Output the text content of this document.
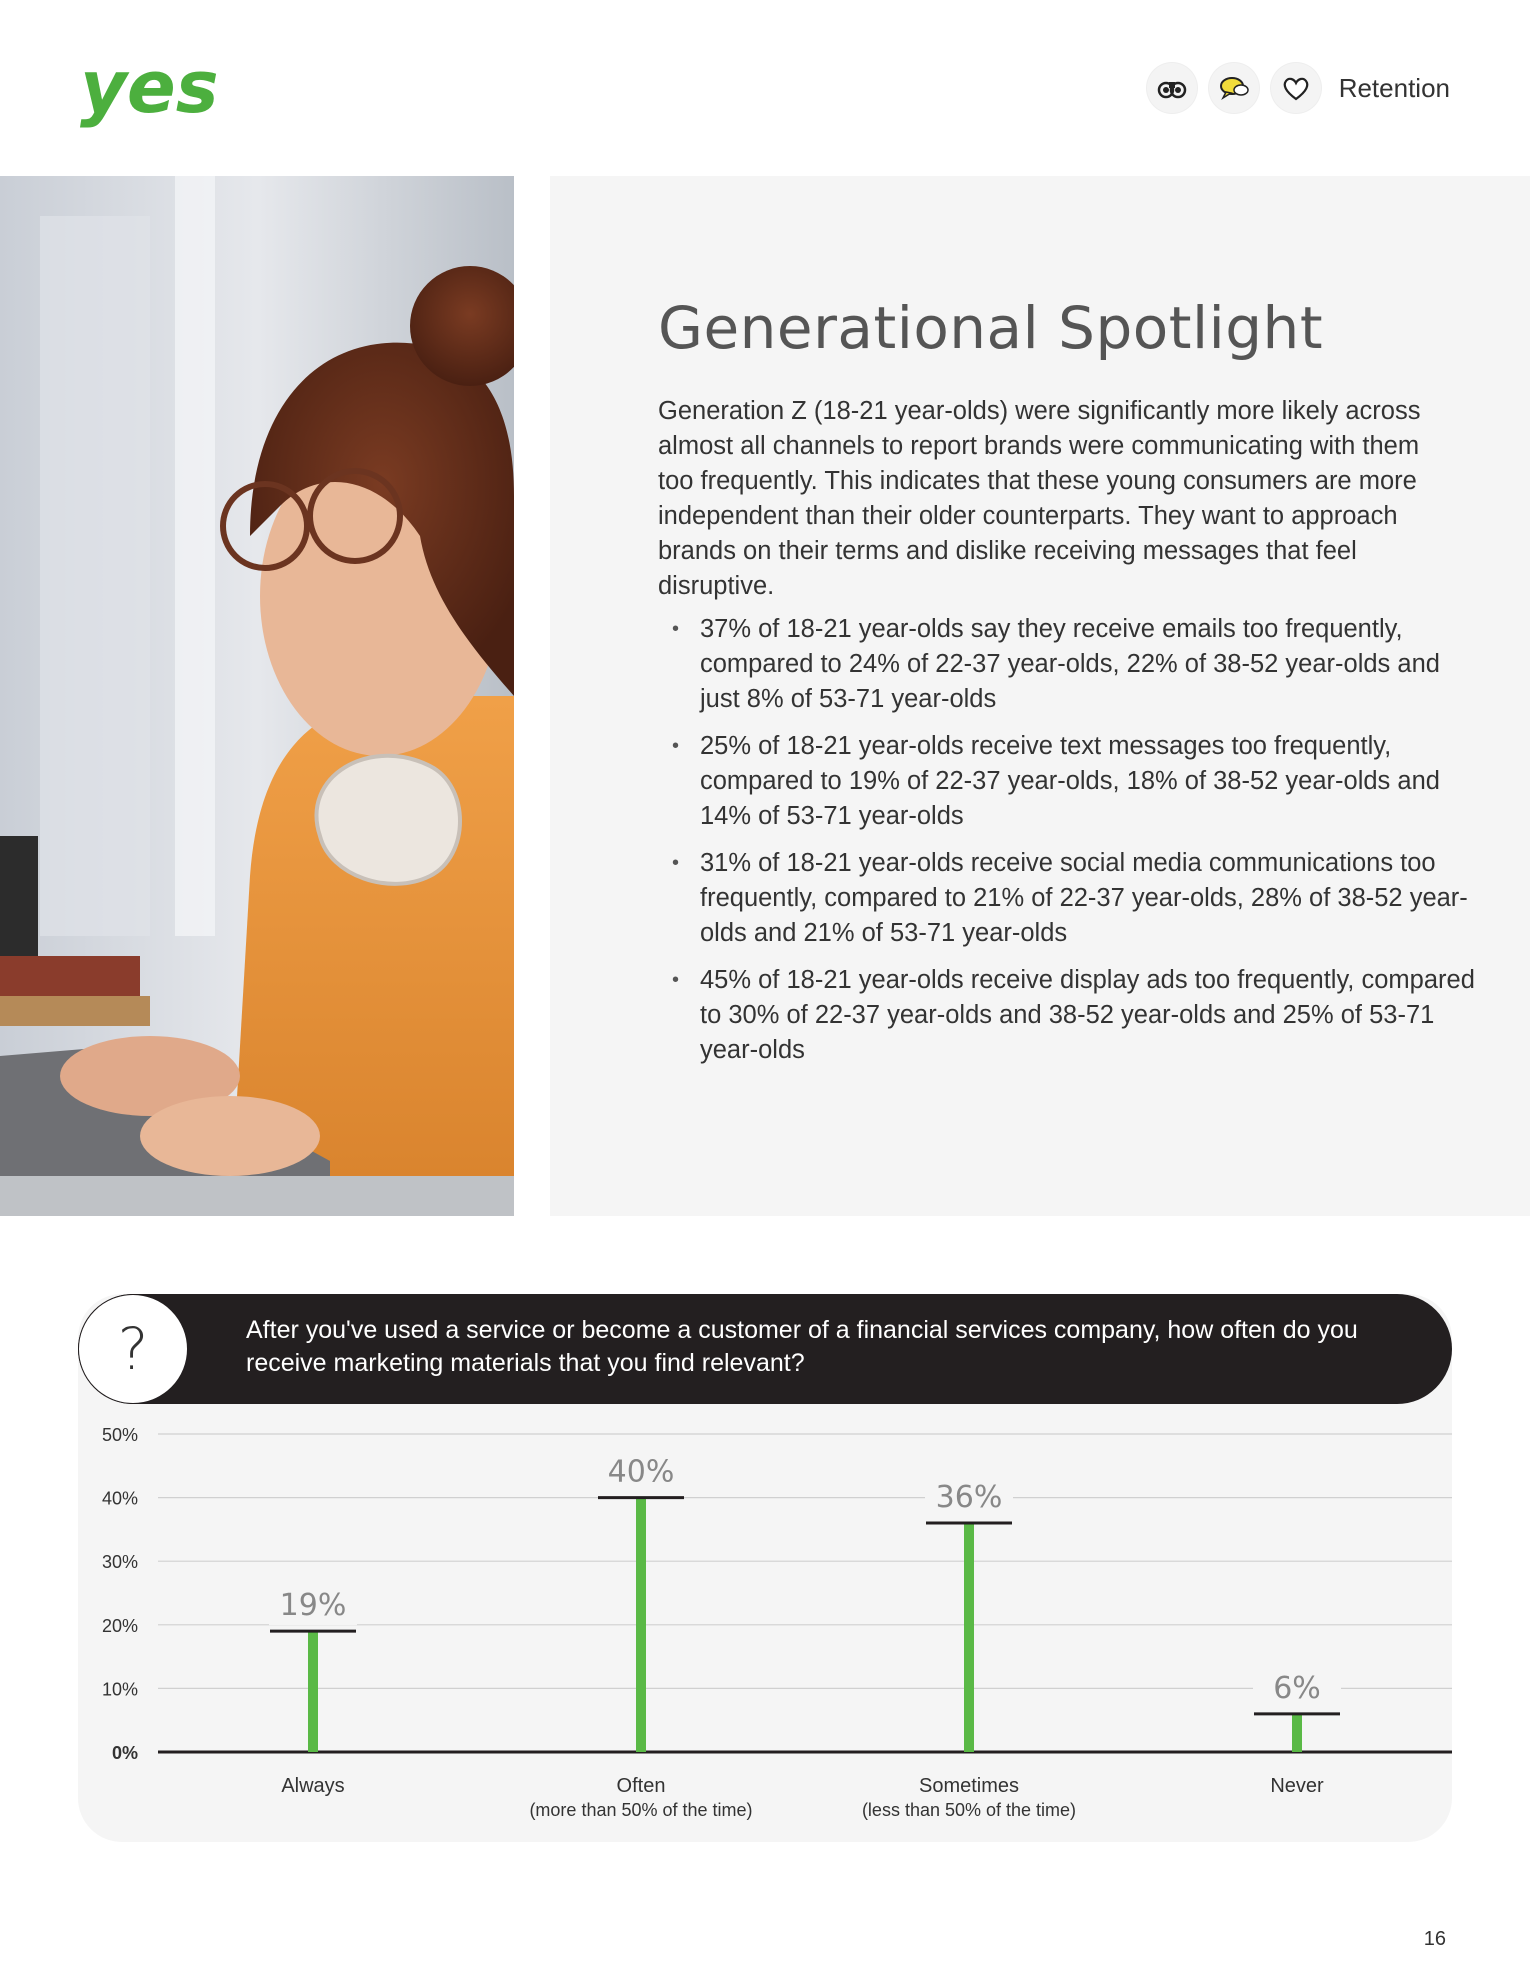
yes	Retention
Generational Spotlight
Generation Z (18-21 year-olds) were significantly more likely across almost all channels to report brands were communicating with them too frequently. This indicates that these young consumers are more independent than their older counterparts. They want to approach brands on their terms and dislike receiving messages that feel disruptive.
• 37% of 18-21 year-olds say they receive emails too frequently, compared to 24% of 22-37 year-olds, 22% of 38-52 year-olds and just 8% of 53-71 year-olds
• 25% of 18-21 year-olds receive text messages too frequently, compared to 19% of 22-37 year-olds, 18% of 38-52 year-olds and 14% of 53-71 year-olds
• 31% of 18-21 year-olds receive social media communications too frequently, compared to 21% of 22-37 year-olds, 28% of 38-52 year-olds and 21% of 53-71 year-olds
• 45% of 18-21 year-olds receive display ads too frequently, compared to 30% of 22-37 year-olds and 38-52 year-olds and 25% of 53-71 year-olds
0%
10%
20%
30%
40%
50%
19%
Always
40%
Often
(more than 50% of the time)
36%
Sometimes
(less than 50% of the time)
6%
Never
?	After you've used a service or become a customer of a financial services company, how often do you receive marketing materials that you find relevant?
16
